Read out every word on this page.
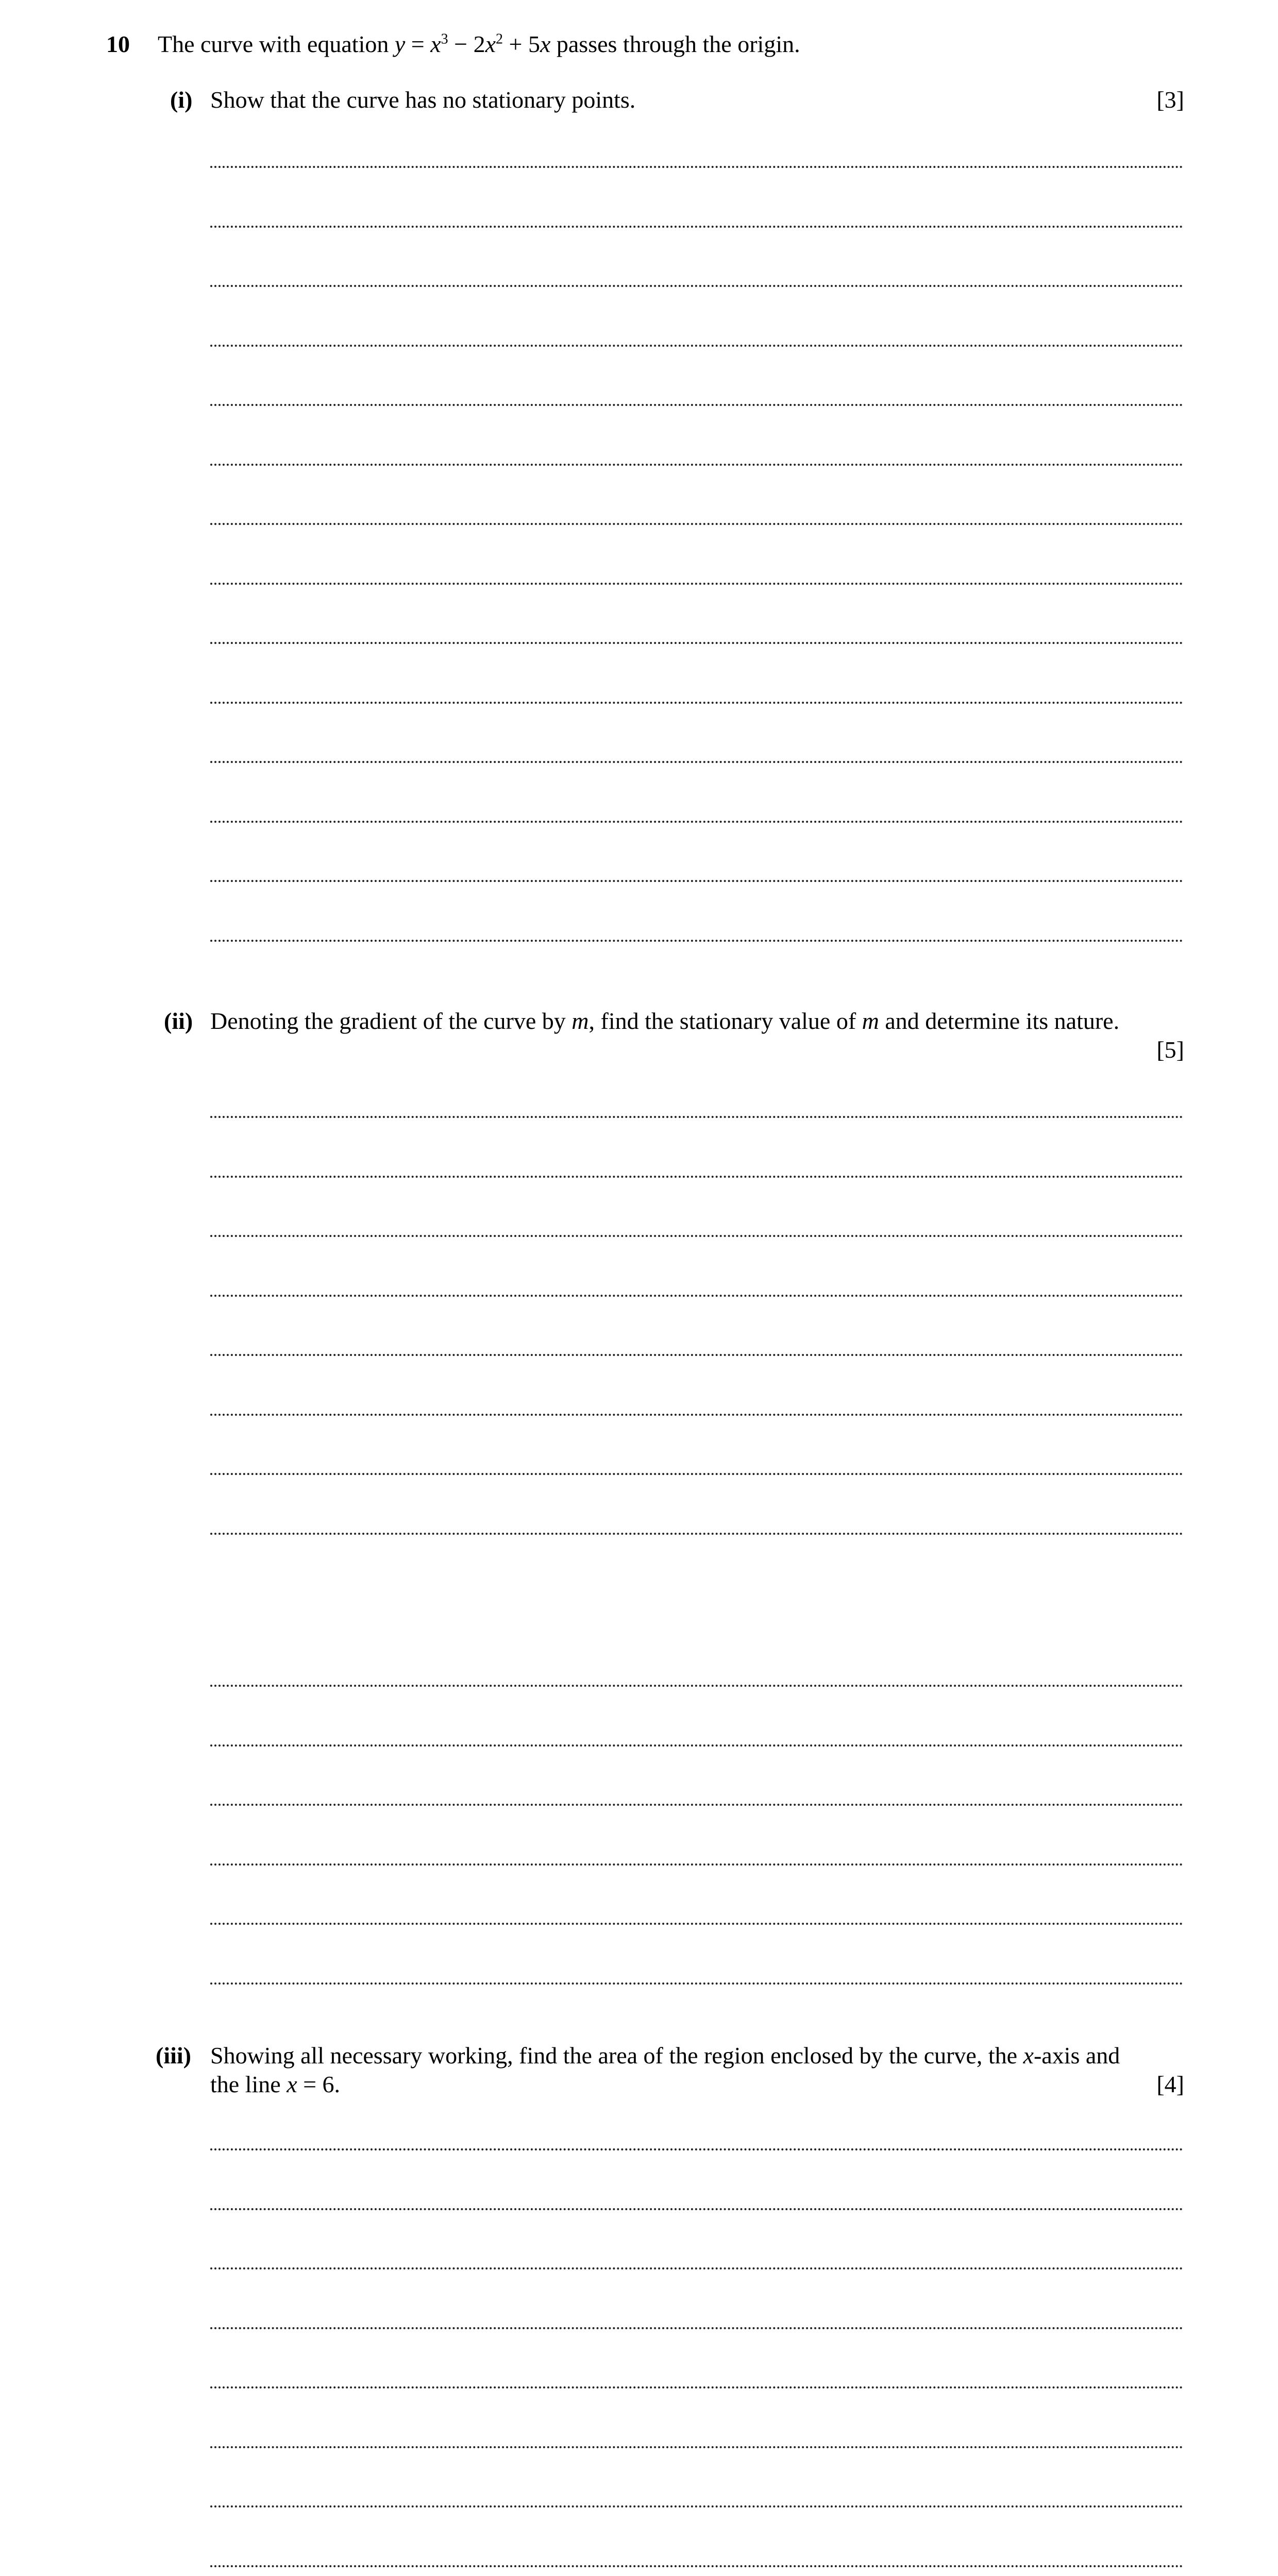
10 The curve with equation $y = x^3 - 2x^2 + 5x$ passes through the origin.
(i) Show that the curve has no stationary points.	[3]
(ii) Denoting the gradient of the curve by m, find the stationary value of m and determine its nature.
[5]
(iii) Showing all necessary working, find the area of the region enclosed by the curve, the x-axis and
the line x = 6.	[4]
